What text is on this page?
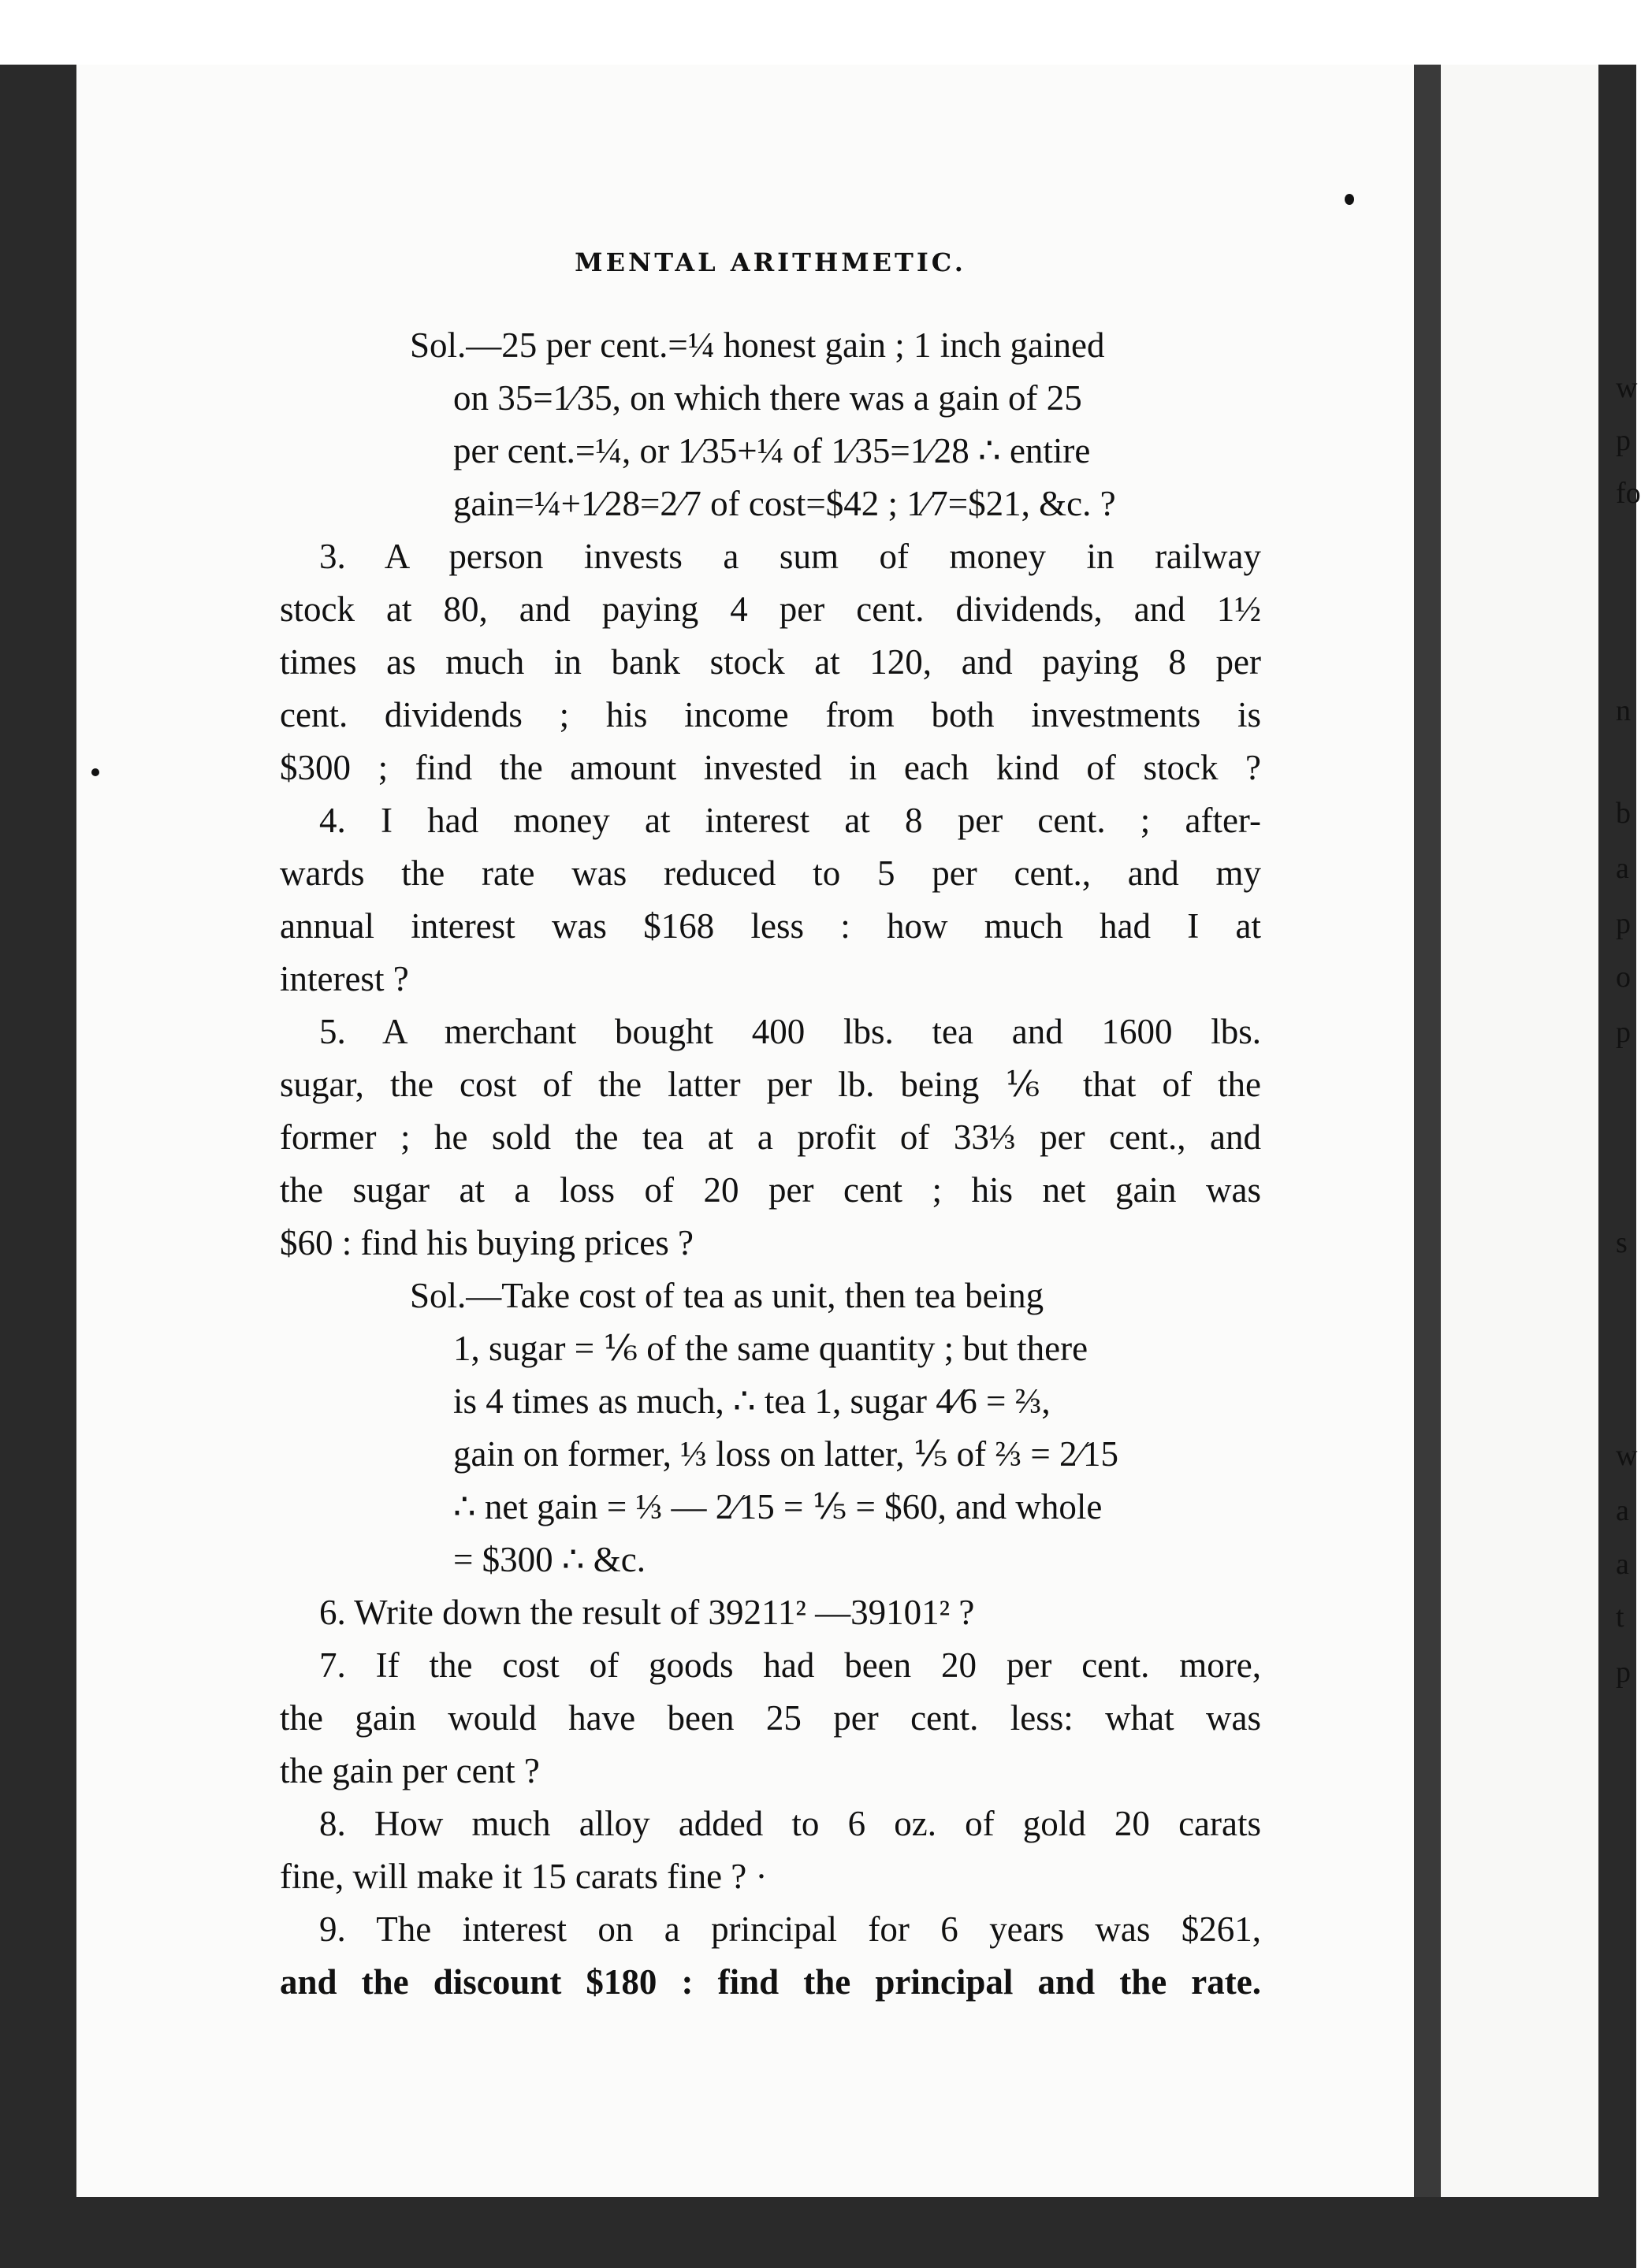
MENTAL ARITHMETIC.
Sol.—25 per cent.=¼ honest gain ; 1 inch gained
on 35=1⁄35, on which there was a gain of 25
per cent.=¼, or 1⁄35+¼ of 1⁄35=1⁄28 ∴ entire
gain=¼+1⁄28=2⁄7 of cost=$42 ; 1⁄7=$21, &c. ?
3. A person invests a sum of money in railway
stock at 80, and paying 4 per cent. dividends, and 1½
times as much in bank stock at 120, and paying 8 per
cent. dividends ; his income from both investments is
$300 ; find the amount invested in each kind of stock ?
4. I had money at interest at 8 per cent. ; after-
wards the rate was reduced to 5 per cent., and my
annual interest was $168 less : how much had I at
interest ?
5. A merchant bought 400 lbs. tea and 1600 lbs.
sugar, the cost of the latter per lb. being ⅙ that of the
former ; he sold the tea at a profit of 33⅓ per cent., and
the sugar at a loss of 20 per cent ; his net gain was
$60 : find his buying prices ?
Sol.—Take cost of tea as unit, then tea being
1, sugar = ⅙ of the same quantity ; but there
is 4 times as much, ∴ tea 1, sugar 4⁄6 = ⅔,
gain on former, ⅓ loss on latter, ⅕ of ⅔ = 2⁄15
∴ net gain = ⅓ — 2⁄15 = ⅕ = $60, and whole
= $300 ∴ &c.
6. Write down the result of 39211² —39101² ?
7. If the cost of goods had been 20 per cent. more,
the gain would have been 25 per cent. less: what was
the gain per cent ?
8. How much alloy added to 6 oz. of gold 20 carats
fine, will make it 15 carats fine ? ·
9. The interest on a principal for 6 years was $261,
and the discount $180 : find the principal and the rate.
w
p
fo
n
b
a
p
o
p
s
w
a
a
t
p
